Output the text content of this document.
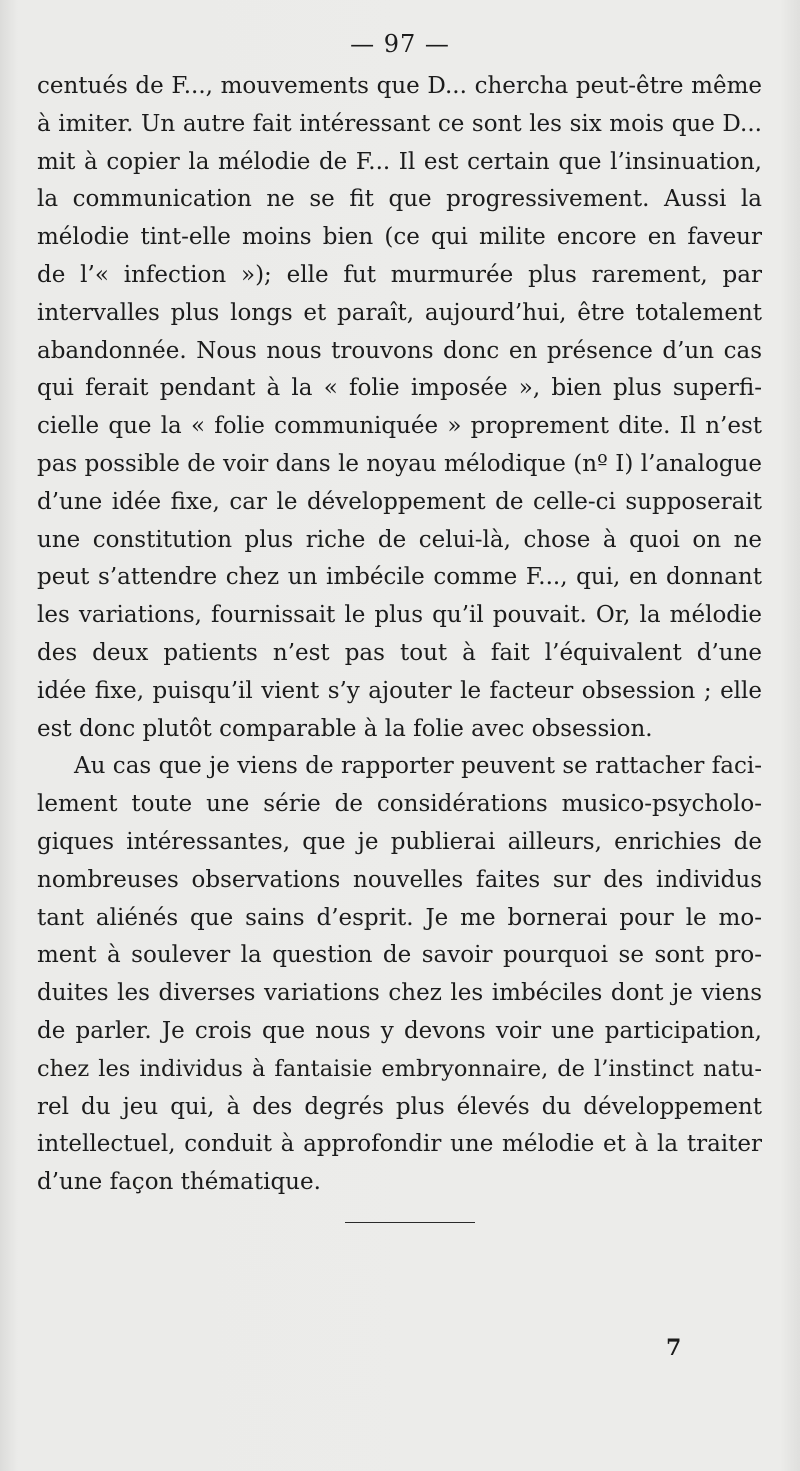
— 97 —
centués de F..., mouvements que D... chercha peut-être même
à imiter. Un autre fait intéressant ce sont les six mois que D...
mit à copier la mélodie de F... Il est certain que l’insinuation,
la communication ne se fit que progressivement. Aussi la
mélodie tint-elle moins bien (ce qui milite encore en faveur
de l’« infection »); elle fut murmurée plus rarement, par
intervalles plus longs et paraît, aujourd’hui, être totalement
abandonnée. Nous nous trouvons donc en présence d’un cas
qui ferait pendant à la « folie imposée », bien plus superfi-
cielle que la « folie communiquée » proprement dite. Il n’est
pas possible de voir dans le noyau mélodique (nº I) l’analogue
d’une idée fixe, car le développement de celle-ci supposerait
une constitution plus riche de celui-là, chose à quoi on ne
peut s’attendre chez un imbécile comme F..., qui, en donnant
les variations, fournissait le plus qu’il pouvait. Or, la mélodie
des deux patients n’est pas tout à fait l’équivalent d’une
idée fixe, puisqu’il vient s’y ajouter le facteur obsession ; elle
est donc plutôt comparable à la folie avec obsession.
Au cas que je viens de rapporter peuvent se rattacher faci-
lement toute une série de considérations musico-psycholo-
giques intéressantes, que je publierai ailleurs, enrichies de
nombreuses observations nouvelles faites sur des individus
tant aliénés que sains d’esprit. Je me bornerai pour le mo-
ment à soulever la question de savoir pourquoi se sont pro-
duites les diverses variations chez les imbéciles dont je viens
de parler. Je crois que nous y devons voir une participation,
chez les individus à fantaisie embryonnaire, de l’instinct natu-
rel du jeu qui, à des degrés plus élevés du développement
intellectuel, conduit à approfondir une mélodie et à la traiter
d’une façon thématique.
7
